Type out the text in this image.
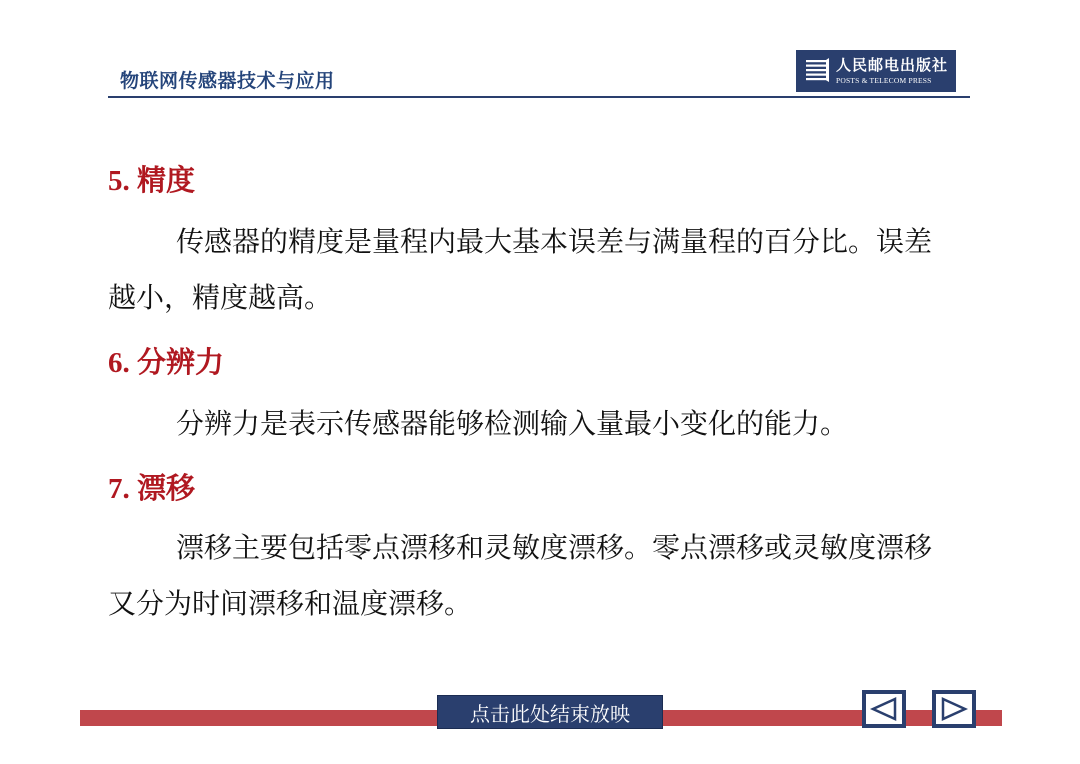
物联网传感器技术与应用
人民邮电出版社
POSTS & TELECOM PRESS
5. 精度
传感器的精度是量程内最大基本误差与满量程的百分比。误差越小，精度越高。
6. 分辨力
分辨力是表示传感器能够检测输入量最小变化的能力。
7. 漂移
漂移主要包括零点漂移和灵敏度漂移。零点漂移或灵敏度漂移又分为时间漂移和温度漂移。
点击此处结束放映
